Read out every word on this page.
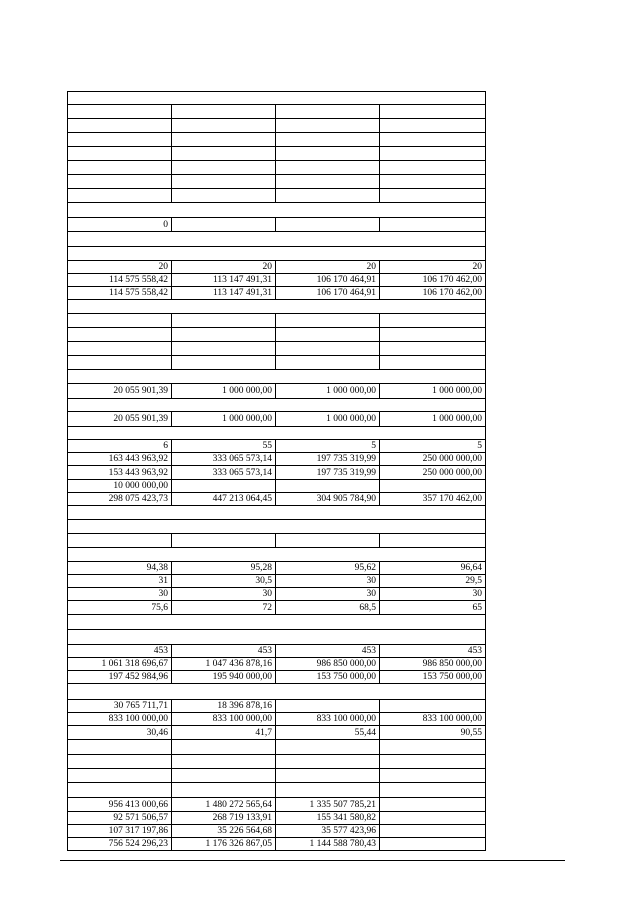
0			

20	20	20	20
114 575 558,42	113 147 491,31	106 170 464,91	106 170 462,00
114 575 558,42	113 147 491,31	106 170 464,91	106 170 462,00

20 055 901,39	1 000 000,00	1 000 000,00	1 000 000,00

20 055 901,39	1 000 000,00	1 000 000,00	1 000 000,00

6	55	5	5
163 443 963,92	333 065 573,14	197 735 319,99	250 000 000,00
153 443 963,92	333 065 573,14	197 735 319,99	250 000 000,00
10 000 000,00			
298 075 423,73	447 213 064,45	304 905 784,90	357 170 462,00

94,38	95,28	95,62	96,64
31	30,5	30	29,5
30	30	30	30
75,6	72	68,5	65

453	453	453	453
1 061 318 696,67	1 047 436 878,16	986 850 000,00	986 850 000,00
197 452 984,96	195 940 000,00	153 750 000,00	153 750 000,00

30 765 711,71	18 396 878,16		
833 100 000,00	833 100 000,00	833 100 000,00	833 100 000,00
30,46	41,7	55,44	90,55

956 413 000,66	1 480 272 565,64	1 335 507 785,21	
92 571 506,57	268 719 133,91	155 341 580,82	
107 317 197,86	35 226 564,68	35 577 423,96	
756 524 296,23	1 176 326 867,05	1 144 588 780,43	
